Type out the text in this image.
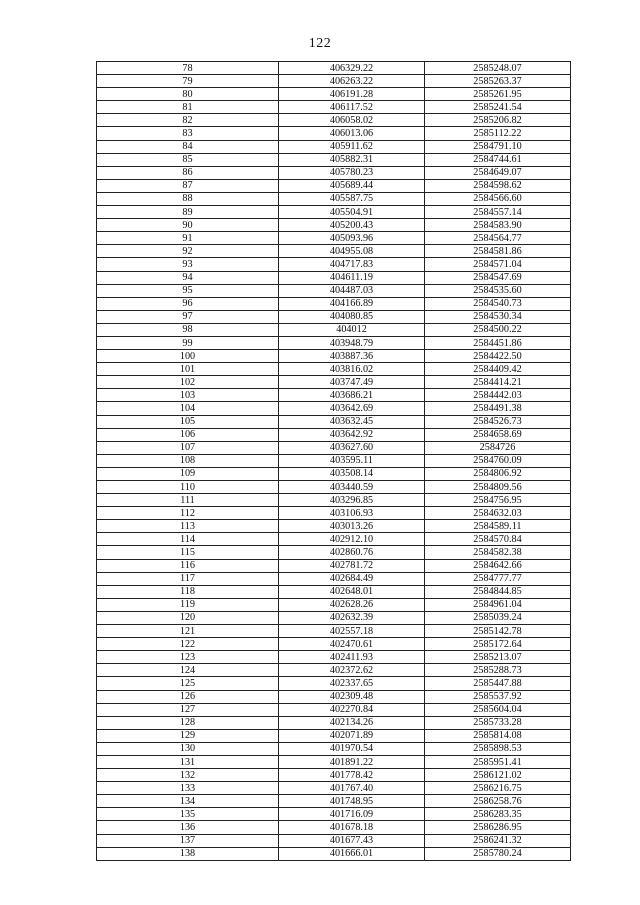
122
78	406329.22	2585248.07
79	406263.22	2585263.37
80	406191.28	2585261.95
81	406117.52	2585241.54
82	406058.02	2585206.82
83	406013.06	2585112.22
84	405911.62	2584791.10
85	405882.31	2584744.61
86	405780.23	2584649.07
87	405689.44	2584598.62
88	405587.75	2584566.60
89	405504.91	2584557.14
90	405200.43	2584583.90
91	405093.96	2584564.77
92	404955.08	2584581.86
93	404717.83	2584571.04
94	404611.19	2584547.69
95	404487.03	2584535.60
96	404166.89	2584540.73
97	404080.85	2584530.34
98	404012	2584500.22
99	403948.79	2584451.86
100	403887.36	2584422.50
101	403816.02	2584409.42
102	403747.49	2584414.21
103	403686.21	2584442.03
104	403642.69	2584491.38
105	403632.45	2584526.73
106	403642.92	2584658.69
107	403627.60	2584726
108	403595.11	2584760.09
109	403508.14	2584806.92
110	403440.59	2584809.56
111	403296.85	2584756.95
112	403106.93	2584632.03
113	403013.26	2584589.11
114	402912.10	2584570.84
115	402860.76	2584582.38
116	402781.72	2584642.66
117	402684.49	2584777.77
118	402648.01	2584844.85
119	402628.26	2584961.04
120	402632.39	2585039.24
121	402557.18	2585142.78
122	402470.61	2585172.64
123	402411.93	2585213.07
124	402372.62	2585288.73
125	402337.65	2585447.88
126	402309.48	2585537.92
127	402270.84	2585604.04
128	402134.26	2585733.28
129	402071.89	2585814.08
130	401970.54	2585898.53
131	401891.22	2585951.41
132	401778.42	2586121.02
133	401767.40	2586216.75
134	401748.95	2586258.76
135	401716.09	2586283.35
136	401678.18	2586286.95
137	401677.43	2586241.32
138	401666.01	2585780.24
